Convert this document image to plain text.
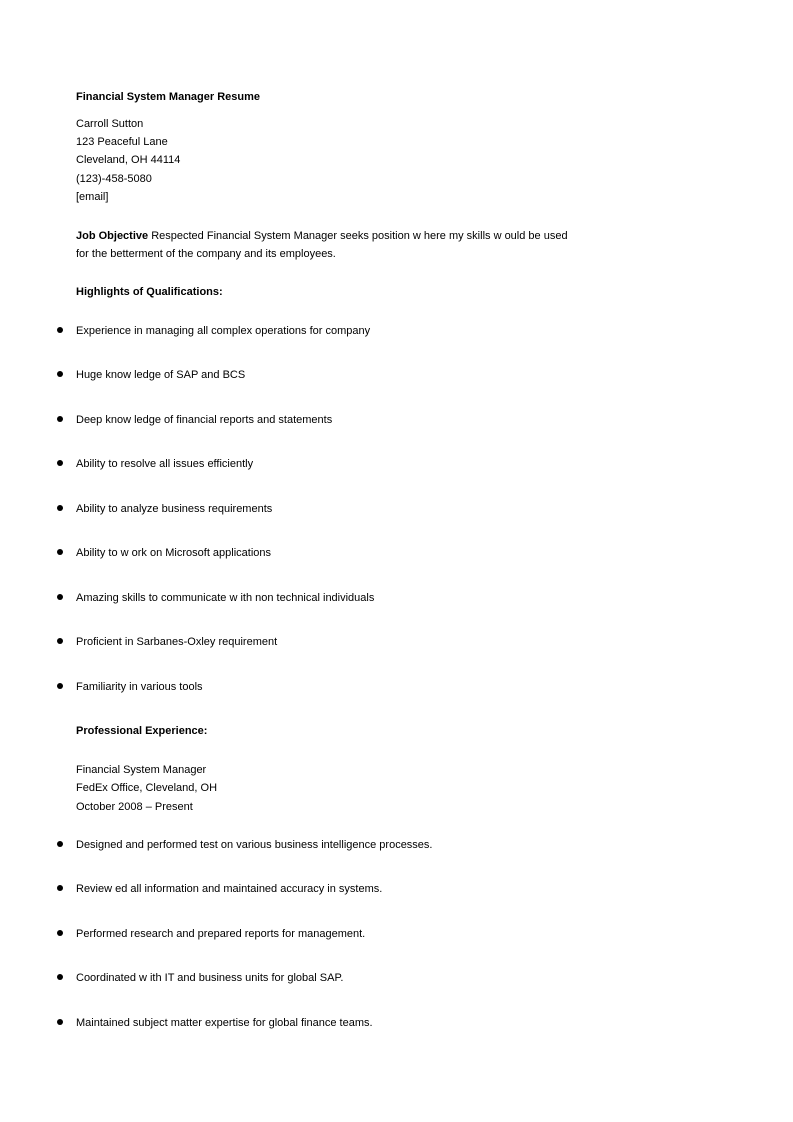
Financial System Manager Resume
Carroll Sutton
123 Peaceful Lane
Cleveland, OH 44114
(123)-458-5080
[email]
Job Objective Respected Financial System Manager seeks position w here my skills w ould be used
for the betterment of the company and its employees.
Highlights of Qualifications:
Experience in managing all complex operations for company
Huge know ledge of SAP and BCS
Deep know ledge of financial reports and statements
Ability to resolve all issues efficiently
Ability to analyze business requirements
Ability to w ork on Microsoft applications
Amazing skills to communicate w ith non technical individuals
Proficient in Sarbanes-Oxley requirement
Familiarity in various tools
Professional Experience:
Financial System Manager
FedEx Office, Cleveland, OH
October 2008 – Present
Designed and performed test on various business intelligence processes.
Review ed all information and maintained accuracy in systems.
Performed research and prepared reports for management.
Coordinated w ith IT and business units for global SAP.
Maintained subject matter expertise for global finance teams.
